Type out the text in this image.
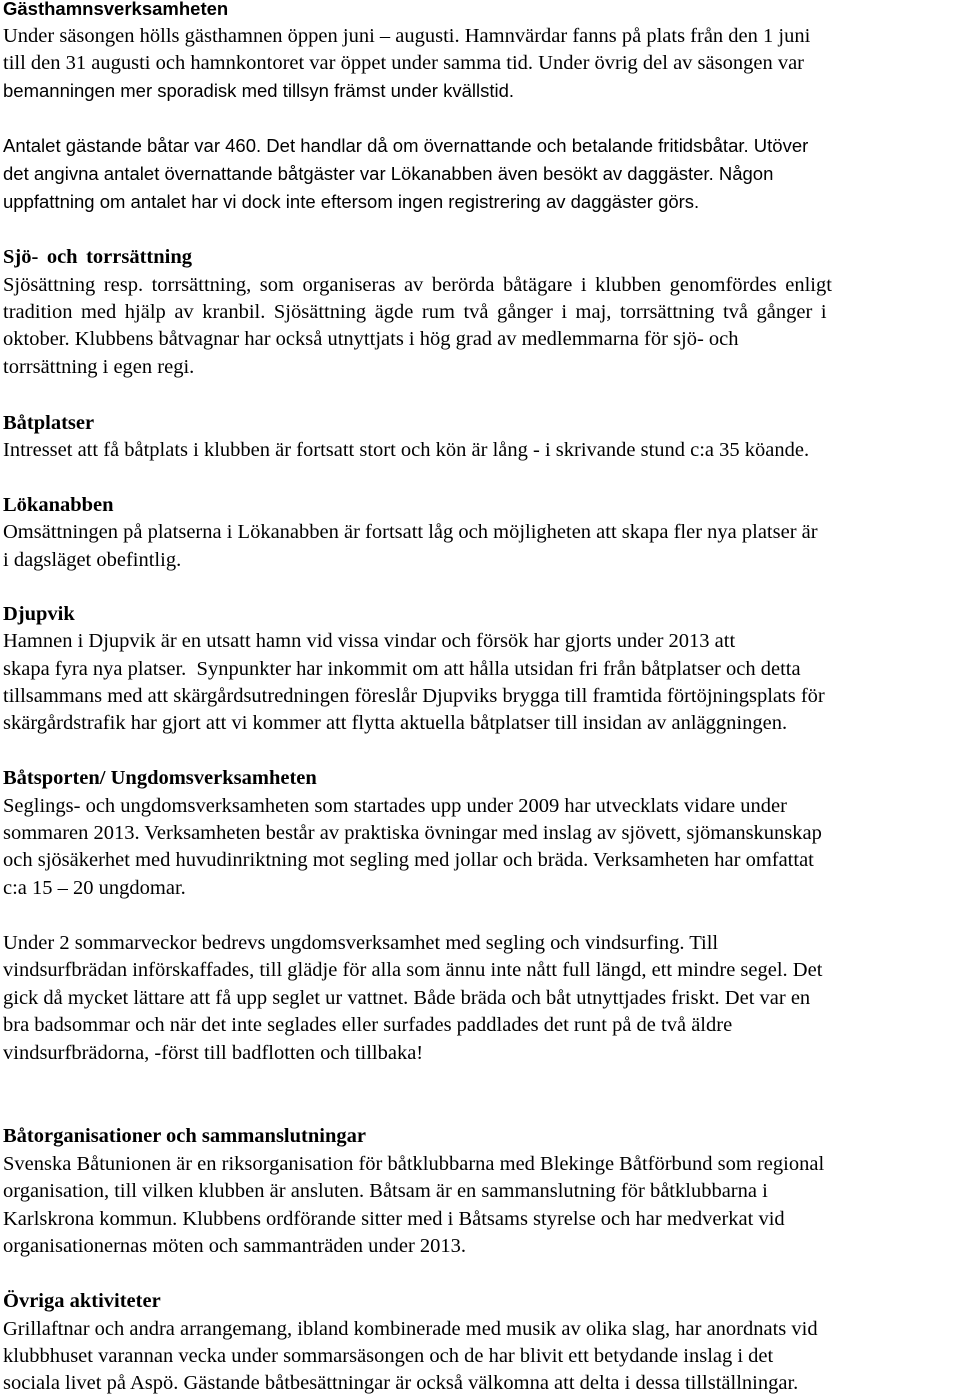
Gästhamnsverksamheten
Under säsongen hölls gästhamnen öppen juni – augusti. Hamnvärdar fanns på plats från den 1 juni
till den 31 augusti och hamnkontoret var öppet under samma tid. Under övrig del av säsongen var
bemanningen mer sporadisk med tillsyn främst under kvällstid.
Antalet gästande båtar var 460. Det handlar då om övernattande och betalande fritidsbåtar. Utöver
det angivna antalet övernattande båtgäster var Lökanabben även besökt av daggäster. Någon
uppfattning om antalet har vi dock inte eftersom ingen registrering av daggäster görs.
Sjö- och torrsättning
Sjösättning resp. torrsättning, som organiseras av berörda båtägare i klubben genomfördes enligt
tradition med hjälp av kranbil. Sjösättning ägde rum två gånger i maj, torrsättning två gånger i
oktober. Klubbens båtvagnar har också utnyttjats i hög grad av medlemmarna för sjö- och
torrsättning i egen regi.
Båtplatser
Intresset att få båtplats i klubben är fortsatt stort och kön är lång - i skrivande stund c:a 35 köande.
Lökanabben
Omsättningen på platserna i Lökanabben är fortsatt låg och möjligheten att skapa fler nya platser är
i dagsläget obefintlig.
Djupvik
Hamnen i Djupvik är en utsatt hamn vid vissa vindar och försök har gjorts under 2013 att
skapa fyra nya platser.  Synpunkter har inkommit om att hålla utsidan fri från båtplatser och detta
tillsammans med att skärgårdsutredningen föreslår Djupviks brygga till framtida förtöjningsplats för
skärgårdstrafik har gjort att vi kommer att flytta aktuella båtplatser till insidan av anläggningen.
Båtsporten/ Ungdomsverksamheten
Seglings- och ungdomsverksamheten som startades upp under 2009 har utvecklats vidare under
sommaren 2013. Verksamheten består av praktiska övningar med inslag av sjövett, sjömanskunskap
och sjösäkerhet med huvudinriktning mot segling med jollar och bräda. Verksamheten har omfattat
c:a 15 – 20 ungdomar.
Under 2 sommarveckor bedrevs ungdomsverksamhet med segling och vindsurfing. Till
vindsurfbrädan införskaffades, till glädje för alla som ännu inte nått full längd, ett mindre segel. Det
gick då mycket lättare att få upp seglet ur vattnet. Både bräda och båt utnyttjades friskt. Det var en
bra badsommar och när det inte seglades eller surfades paddlades det runt på de två äldre
vindsurfbrädorna, -först till badflotten och tillbaka!
Båtorganisationer och sammanslutningar
Svenska Båtunionen är en riksorganisation för båtklubbarna med Blekinge Båtförbund som regional
organisation, till vilken klubben är ansluten. Båtsam är en sammanslutning för båtklubbarna i
Karlskrona kommun. Klubbens ordförande sitter med i Båtsams styrelse och har medverkat vid
organisationernas möten och sammanträden under 2013.
Övriga aktiviteter
Grillaftnar och andra arrangemang, ibland kombinerade med musik av olika slag, har anordnats vid
klubbhuset varannan vecka under sommarsäsongen och de har blivit ett betydande inslag i det
sociala livet på Aspö. Gästande båtbesättningar är också välkomna att delta i dessa tillställningar.
